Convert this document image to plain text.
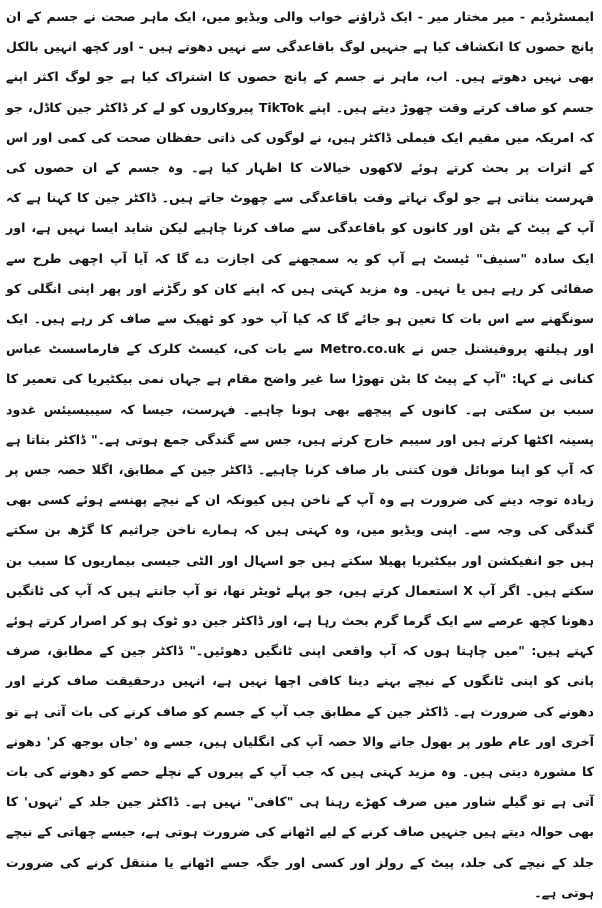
ایمسٹرڈیم - میر مختار میر - ایک ڈراؤنے خواب والی ویڈیو میں، ایک ماہر صحت نے جسم کے ان پانچ حصوں کا انکشاف کیا ہے جنہیں لوگ باقاعدگی سے نہیں دھوتے ہیں - اور کچھ انہیں بالکل بھی نہیں دھوتے ہیں۔ اب، ماہر نے جسم کے پانچ حصوں کا اشتراک کیا ہے جو لوگ اکثر اپنے جسم کو صاف کرتے وقت چھوڑ دیتے ہیں۔ اپنے TikTok پیروکاروں کو لے کر ڈاکٹر جین کاڈل، جو کہ امریکہ میں مقیم ایک فیملی ڈاکٹر ہیں، نے لوگوں کی ذاتی حفظان صحت کی کمی اور اس کے اثرات پر بحث کرتے ہوئے لاکھوں خیالات کا اظہار کیا ہے۔ وہ جسم کے ان حصوں کی فہرست بناتی ہے جو لوگ نہاتے وقت باقاعدگی سے چھوٹ جاتے ہیں۔ ڈاکٹر جین کا کہنا ہے کہ آپ کے پیٹ کے بٹن اور کانوں کو باقاعدگی سے صاف کرنا چاہیے لیکن شاید ایسا نہیں ہے، اور ایک سادہ "سنیف" ٹیسٹ ہے آپ کو یہ سمجھنے کی اجازت دے گا کہ آیا آپ اچھی طرح سے صفائی کر رہے ہیں یا نہیں۔ وہ مزید کہتی ہیں کہ اپنے کان کو رگڑنے اور پھر اپنی انگلی کو سونگھنے سے اس بات کا تعین ہو جائے گا کہ کیا آپ خود کو ٹھیک سے صاف کر رہے ہیں۔ ایک اور ہیلتھ پروفیشنل جس نے Metro.co.uk سے بات کی، کیسٹ کلرک کے فارماسسٹ عباس کنانی نے کہا: "آپ کے پیٹ کا بٹن تھوڑا سا غیر واضح مقام ہے جہاں نمی بیکٹیریا کی تعمیر کا سبب بن سکتی ہے۔ کانوں کے پیچھے بھی ہونا چاہیے۔ فہرست، جیسا کہ سیبیسیئس غدود پسینہ اکٹھا کرتے ہیں اور سیبم خارج کرتے ہیں، جس سے گندگی جمع ہوتی ہے۔" ڈاکٹر بتاتا ہے کہ آپ کو اپنا موبائل فون کتنی بار صاف کرنا چاہیے۔ ڈاکٹر جین کے مطابق، اگلا حصہ جس پر زیادہ توجہ دینے کی ضرورت ہے وہ آپ کے ناخن ہیں کیونکہ ان کے نیچے پھنسے ہوئے کسی بھی گندگی کی وجہ سے۔ اپنی ویڈیو میں، وہ کہتی ہیں کہ ہمارے ناخن جراثیم کا گڑھ بن سکتے ہیں جو انفیکشن اور بیکٹیریا پھیلا سکتے ہیں جو اسہال اور الٹی جیسی بیماریوں کا سبب بن سکتے ہیں۔ اگر آپ X استعمال کرتے ہیں، جو پہلے ٹویٹر تھا، تو آپ جانتے ہیں کہ آپ کی ٹانگیں دھونا کچھ عرصے سے ایک گرما گرم بحث رہا ہے، اور ڈاکٹر جین دو ٹوک ہو کر اصرار کرتے ہوئے کہتے ہیں: "میں چاہتا ہوں کہ آپ واقعی اپنی ٹانگیں دھوئیں۔" ڈاکٹر جین کے مطابق، صرف پانی کو اپنی ٹانگوں کے نیچے بہنے دینا کافی اچھا نہیں ہے، انہیں درحقیقت صاف کرنے اور دھونے کی ضرورت ہے۔ ڈاکٹر جین کے مطابق جب آپ کے جسم کو صاف کرنے کی بات آتی ہے تو آخری اور عام طور پر بھول جانے والا حصہ آپ کی انگلیاں ہیں، جسے وہ 'جان بوجھ کر' دھونے کا مشورہ دیتی ہیں۔ وہ مزید کہتی ہیں کہ جب آپ کے پیروں کے نچلے حصے کو دھونے کی بات آتی ہے تو گیلے شاور میں صرف کھڑے رہنا ہی "کافی" نہیں ہے۔ ڈاکٹر جین جلد کے 'تہوں' کا بھی حوالہ دیتے ہیں جنہیں صاف کرنے کے لیے اٹھانے کی ضرورت ہوتی ہے، جیسے چھاتی کے نیچے جلد کے نیچے کی جلد، پیٹ کے رولز اور کسی اور جگہ جسے اٹھانے یا منتقل کرنے کی ضرورت ہوتی ہے۔
